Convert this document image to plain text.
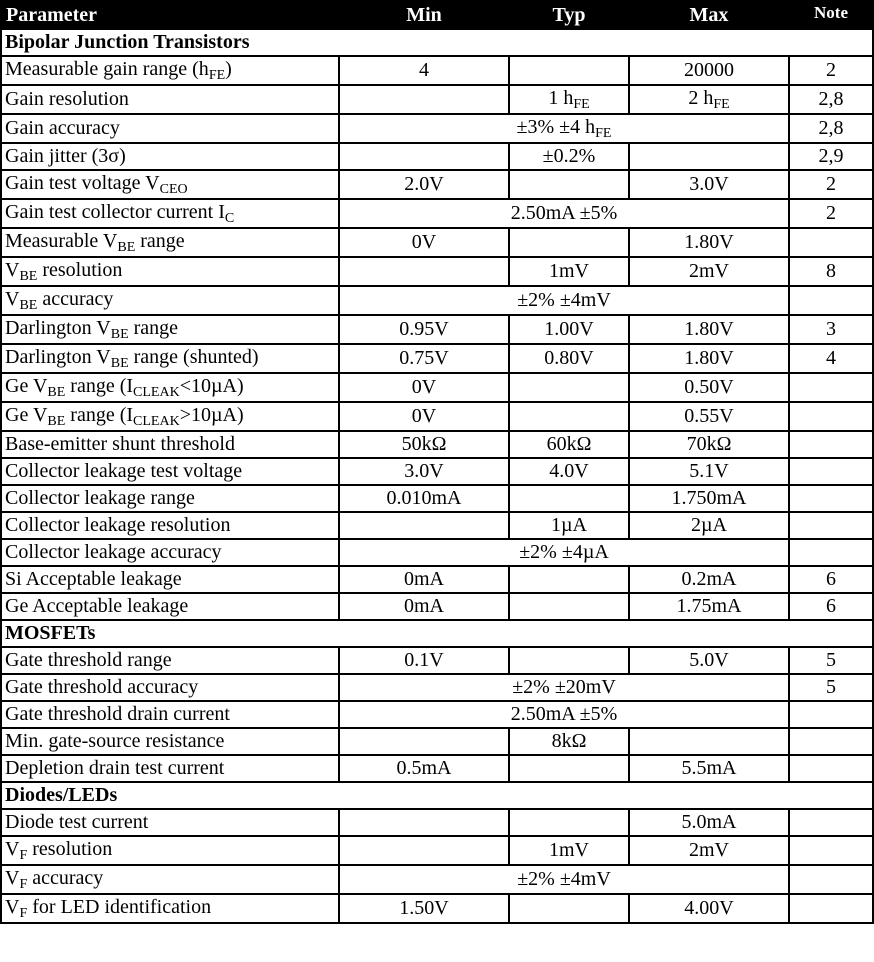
Parameter	Min	Typ	Max	Note
Bipolar Junction Transistors				
Measurable gain range $(h_{FE})$	4		20000	2
Gain resolution		1 $h_{FE}$	2 $h_{FE}$	2,8
Gain accuracy	±3% ±4 $h_{FE}$			2,8
Gain jitter (3σ)		±0.2%		2,9
Gain test voltage $V_{CEO}$	2.0V		3.0V	2
Gain test collector current $I_C$	2.50mA ±5%			2
Measurable $V_{BE}$ range	0V		1.80V	
$V_{BE}$ resolution		1mV	2mV	8
$V_{BE}$ accuracy	±2% ±4mV			
Darlington $V_{BE}$ range	0.95V	1.00V	1.80V	3
Darlington $V_{BE}$ range (shunted)	0.75V	0.80V	1.80V	4
Ge $V_{BE}$ range $(I_{CLEAK}<10\mu A)$	0V		0.50V	
Ge $V_{BE}$ range $(I_{CLEAK}>10\mu A)$	0V		0.55V	
Base-emitter shunt threshold	50kΩ	60kΩ	70kΩ	
Collector leakage test voltage	3.0V	4.0V	5.1V	
Collector leakage range	0.010mA		1.750mA	
Collector leakage resolution		1µA	2µA	
Collector leakage accuracy	±2% ±4µA			
Si Acceptable leakage	0mA		0.2mA	6
Ge Acceptable leakage	0mA		1.75mA	6
MOSFETs				
Gate threshold range	0.1V		5.0V	5
Gate threshold accuracy	±2% ±20mV			5
Gate threshold drain current	2.50mA ±5%			
Min. gate-source resistance		8kΩ		
Depletion drain test current	0.5mA		5.5mA	
Diodes/LEDs				
Diode test current			5.0mA	
$V_F$ resolution		1mV	2mV	
$V_F$ accuracy	±2% ±4mV			
$V_F$ for LED identification	1.50V		4.00V	
